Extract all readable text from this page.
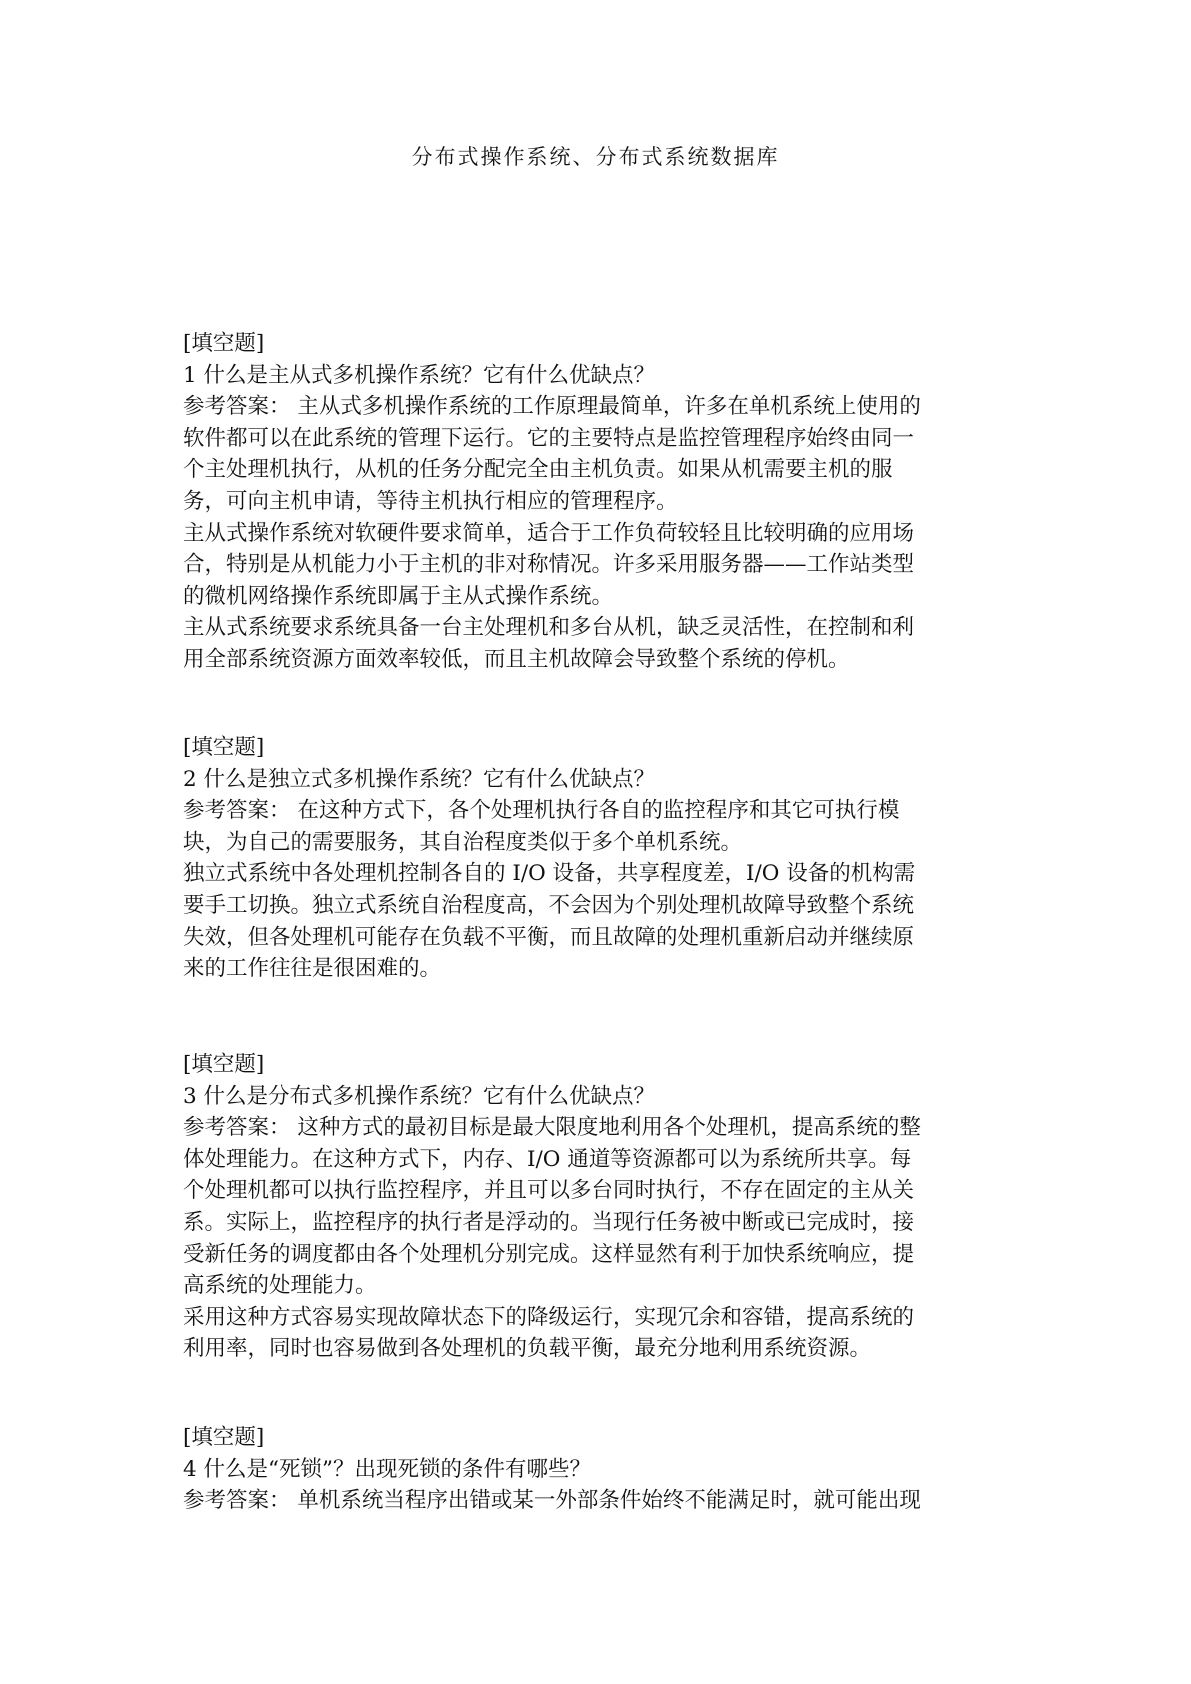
分布式操作系统、分布式系统数据库

[填空题]

1 什么是主从式多机操作系统？它有什么优缺点？

参考答案： 主从式多机操作系统的工作原理最简单，许多在单机系统上使用的

软件都可以在此系统的管理下运行。它的主要特点是监控管理程序始终由同一

个主处理机执行，从机的任务分配完全由主机负责。如果从机需要主机的服

务，可向主机申请，等待主机执行相应的管理程序。

主从式操作系统对软硬件要求简单，适合于工作负荷较轻且比较明确的应用场

合，特别是从机能力小于主机的非对称情况。许多采用服务器——工作站类型

的微机网络操作系统即属于主从式操作系统。

主从式系统要求系统具备一台主处理机和多台从机，缺乏灵活性，在控制和利

用全部系统资源方面效率较低，而且主机故障会导致整个系统的停机。

[填空题]

2 什么是独立式多机操作系统？它有什么优缺点？

参考答案： 在这种方式下，各个处理机执行各自的监控程序和其它可执行模

块，为自己的需要服务，其自治程度类似于多个单机系统。

独立式系统中各处理机控制各自的 I/O 设备，共享程度差，I/O 设备的机构需

要手工切换。独立式系统自治程度高，不会因为个别处理机故障导致整个系统

失效，但各处理机可能存在负载不平衡，而且故障的处理机重新启动并继续原

来的工作往往是很困难的。

[填空题]

3 什么是分布式多机操作系统？它有什么优缺点？

参考答案： 这种方式的最初目标是最大限度地利用各个处理机，提高系统的整

体处理能力。在这种方式下，内存、I/O 通道等资源都可以为系统所共享。每

个处理机都可以执行监控程序，并且可以多台同时执行，不存在固定的主从关

系。实际上，监控程序的执行者是浮动的。当现行任务被中断或已完成时，接

受新任务的调度都由各个处理机分别完成。这样显然有利于加快系统响应，提

高系统的处理能力。

采用这种方式容易实现故障状态下的降级运行，实现冗余和容错，提高系统的

利用率，同时也容易做到各处理机的负载平衡，最充分地利用系统资源。

[填空题]

4 什么是“死锁”？出现死锁的条件有哪些？

参考答案： 单机系统当程序出错或某一外部条件始终不能满足时，就可能出现
